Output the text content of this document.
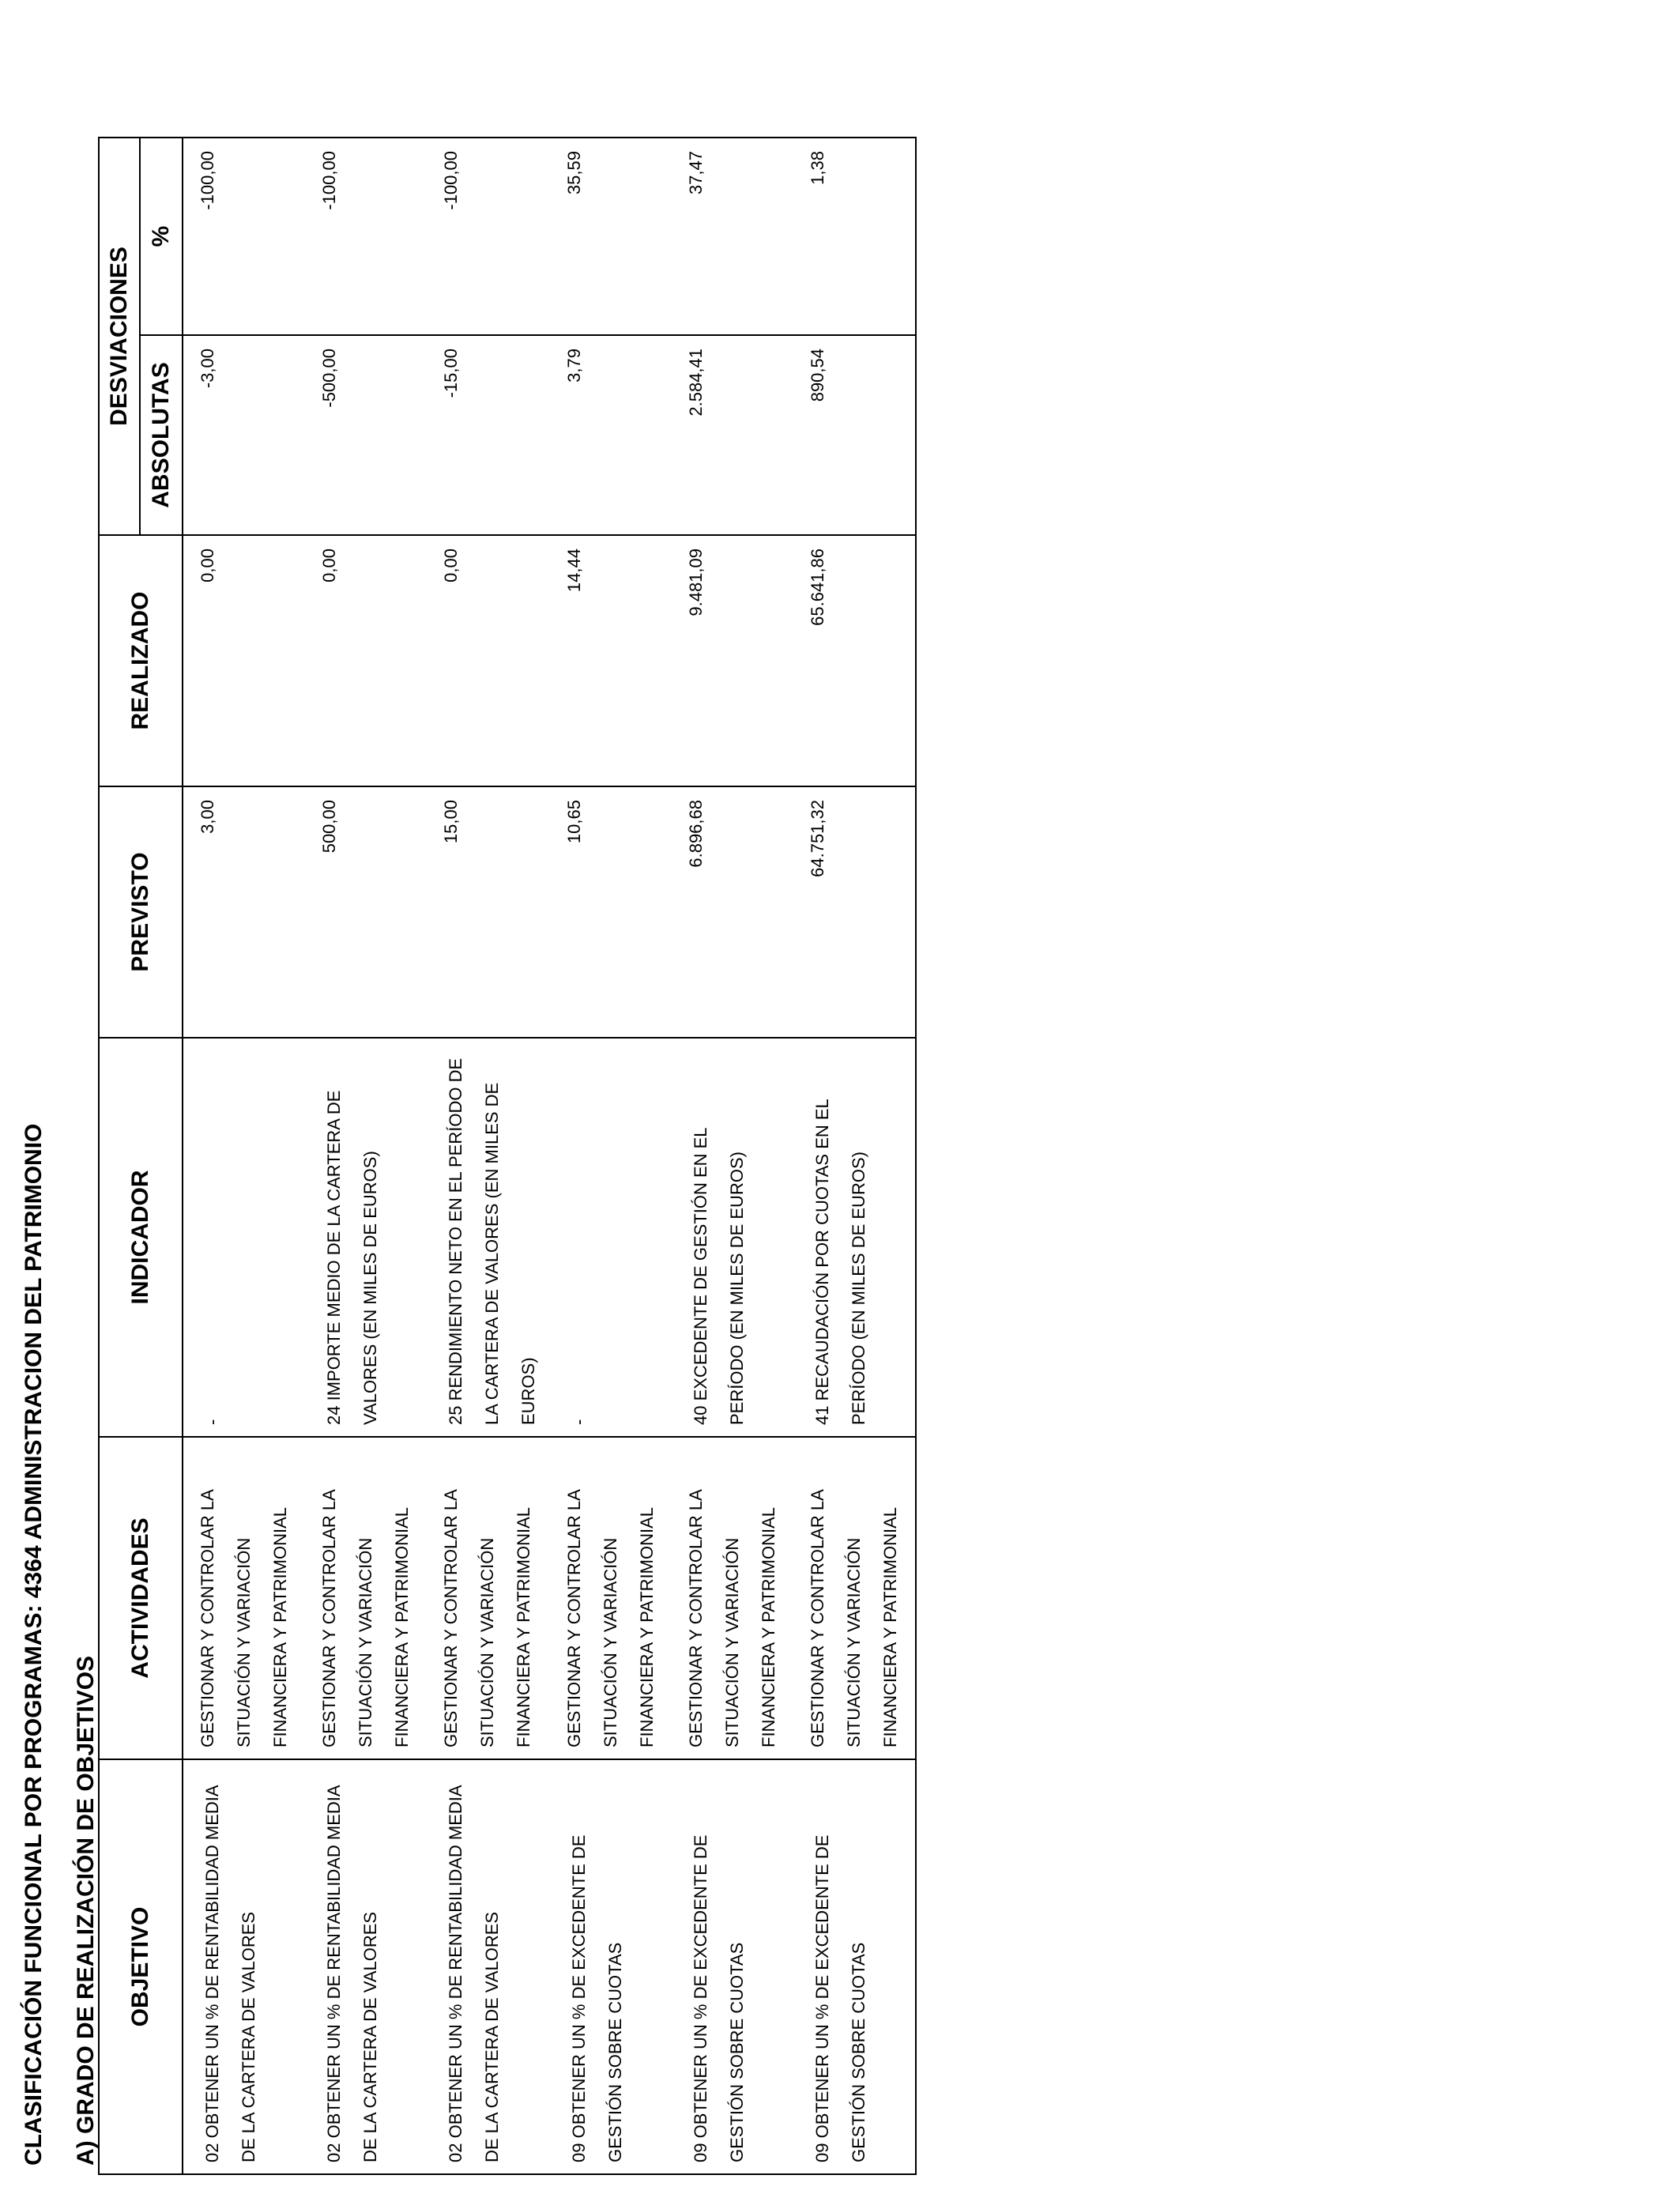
CLASIFICACIÓN FUNCIONAL POR PROGRAMAS: 4364 ADMINISTRACION DEL PATRIMONIO A) GRADO DE REALIZACIÓN DE OBJETIVOS OBJETIVO	ACTIVIDADES	INDICADOR	PREVISTO	REALIZADO	DESVIACIONES	
					ABSOLUTAS	%
02 OBTENER UN % DE RENTABILIDAD MEDIA DE LA CARTERA DE VALORES	GESTIONAR Y CONTROLAR LA SITUACIÓN Y VARIACIÓN FINANCIERA Y PATRIMONIAL	-	3,00	0,00	-3,00	-100,00
02 OBTENER UN % DE RENTABILIDAD MEDIA DE LA CARTERA DE VALORES	GESTIONAR Y CONTROLAR LA SITUACIÓN Y VARIACIÓN FINANCIERA Y PATRIMONIAL	24 IMPORTE MEDIO DE LA CARTERA DE VALORES (EN MILES DE EUROS)	500,00	0,00	-500,00	-100,00
02 OBTENER UN % DE RENTABILIDAD MEDIA DE LA CARTERA DE VALORES	GESTIONAR Y CONTROLAR LA SITUACIÓN Y VARIACIÓN FINANCIERA Y PATRIMONIAL	25 RENDIMIENTO NETO EN EL PERÍODO DE LA CARTERA DE VALORES (EN MILES DE EUROS)	15,00	0,00	-15,00	-100,00
09 OBTENER UN % DE EXCEDENTE DE GESTIÓN SOBRE CUOTAS	GESTIONAR Y CONTROLAR LA SITUACIÓN Y VARIACIÓN FINANCIERA Y PATRIMONIAL	-	10,65	14,44	3,79	35,59
09 OBTENER UN % DE EXCEDENTE DE GESTIÓN SOBRE CUOTAS	GESTIONAR Y CONTROLAR LA SITUACIÓN Y VARIACIÓN FINANCIERA Y PATRIMONIAL	40 EXCEDENTE DE GESTIÓN EN EL PERÍODO (EN MILES DE EUROS)	6.896,68	9.481,09	2.584,41	37,47
09 OBTENER UN % DE EXCEDENTE DE GESTIÓN SOBRE CUOTAS	GESTIONAR Y CONTROLAR LA SITUACIÓN Y VARIACIÓN FINANCIERA Y PATRIMONIAL	41 RECAUDACIÓN POR CUOTAS EN EL PERÍODO (EN MILES DE EUROS)	64.751,32	65.641,86	890,54	1,38
